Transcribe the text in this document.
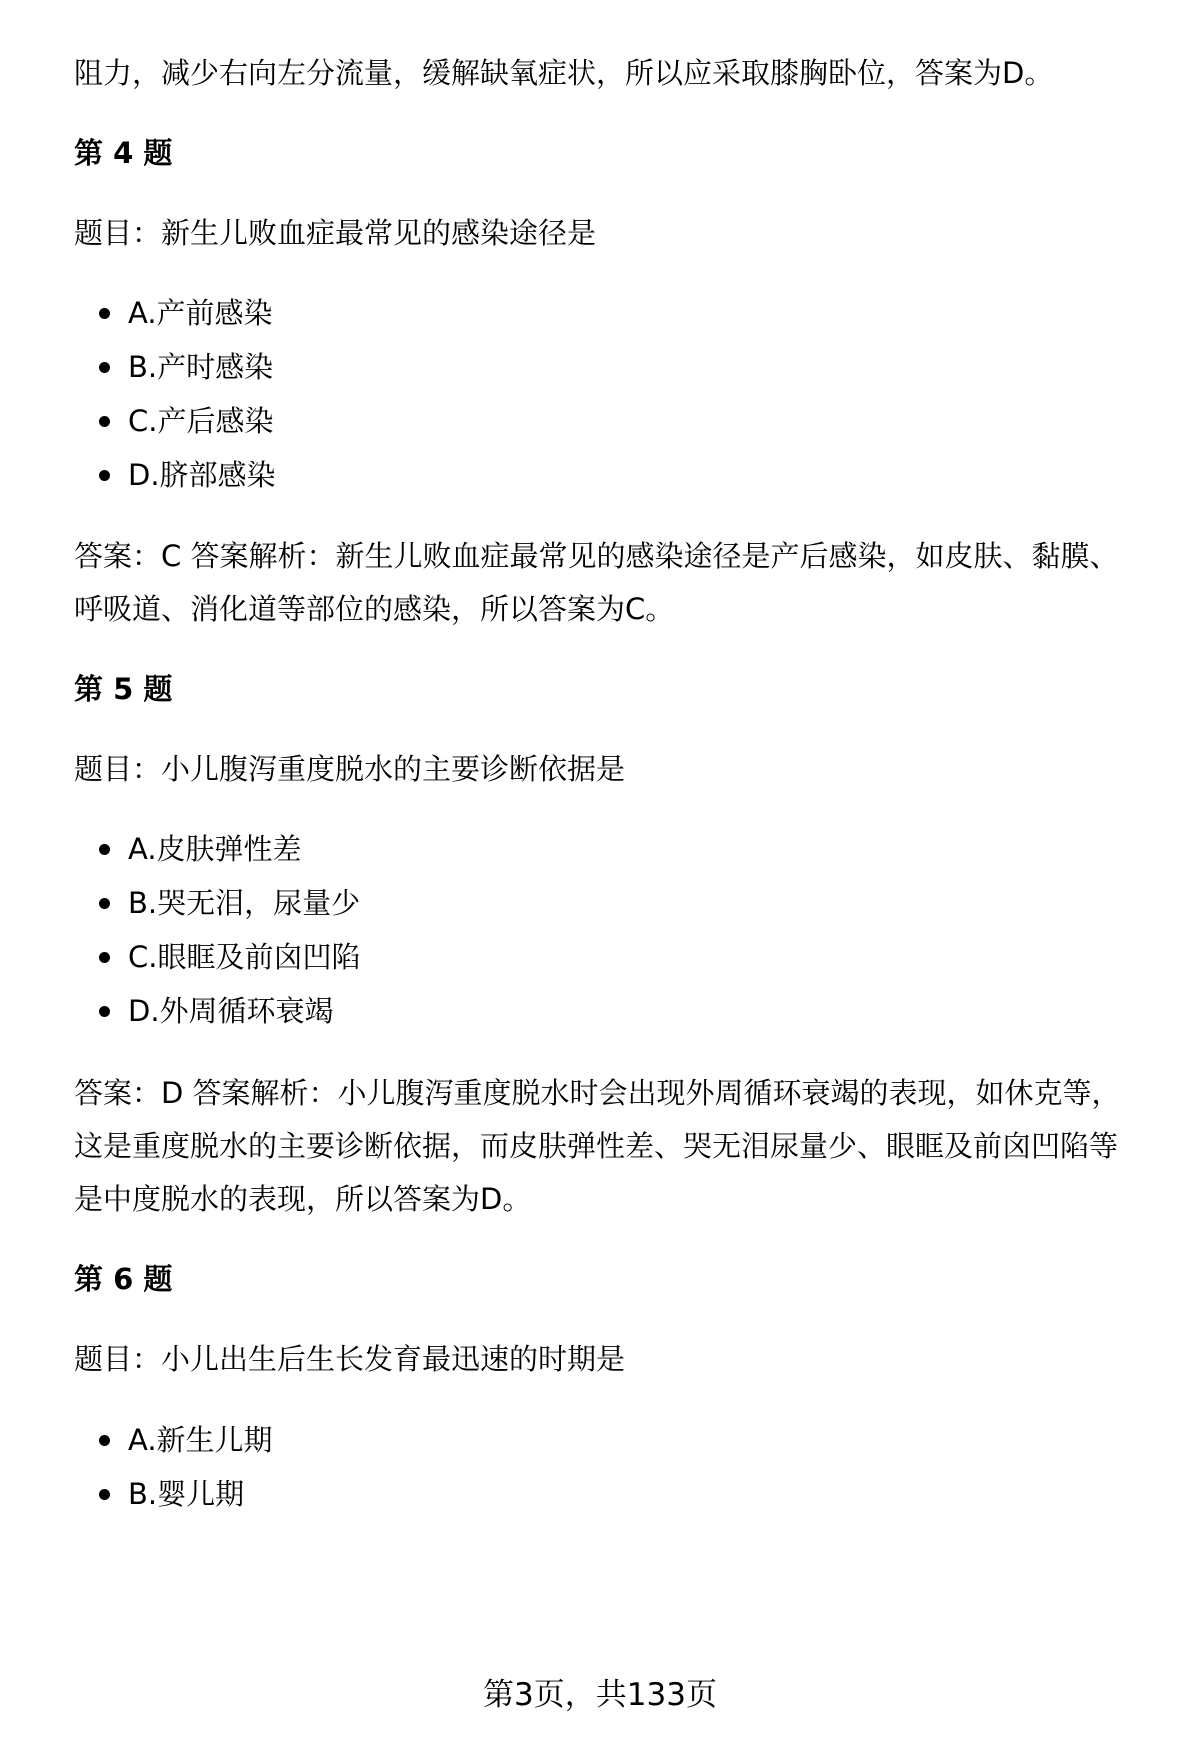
阻力，减少右向左分流量，缓解缺氧症状，所以应采取膝胸卧位，答案为D。
第 4 题
题目：新生儿败血症最常见的感染途径是
A.产前感染
B.产时感染
C.产后感染
D.脐部感染
答案：C 答案解析：新生儿败血症最常见的感染途径是产后感染，如皮肤、黏膜、
呼吸道、消化道等部位的感染，所以答案为C。
第 5 题
题目：小儿腹泻重度脱水的主要诊断依据是
A.皮肤弹性差
B.哭无泪，尿量少
C.眼眶及前囟凹陷
D.外周循环衰竭
答案：D 答案解析：小儿腹泻重度脱水时会出现外周循环衰竭的表现，如休克等，
这是重度脱水的主要诊断依据，而皮肤弹性差、哭无泪尿量少、眼眶及前囟凹陷等
是中度脱水的表现，所以答案为D。
第 6 题
题目：小儿出生后生长发育最迅速的时期是
A.新生儿期
B.婴儿期
第3页，共133页
